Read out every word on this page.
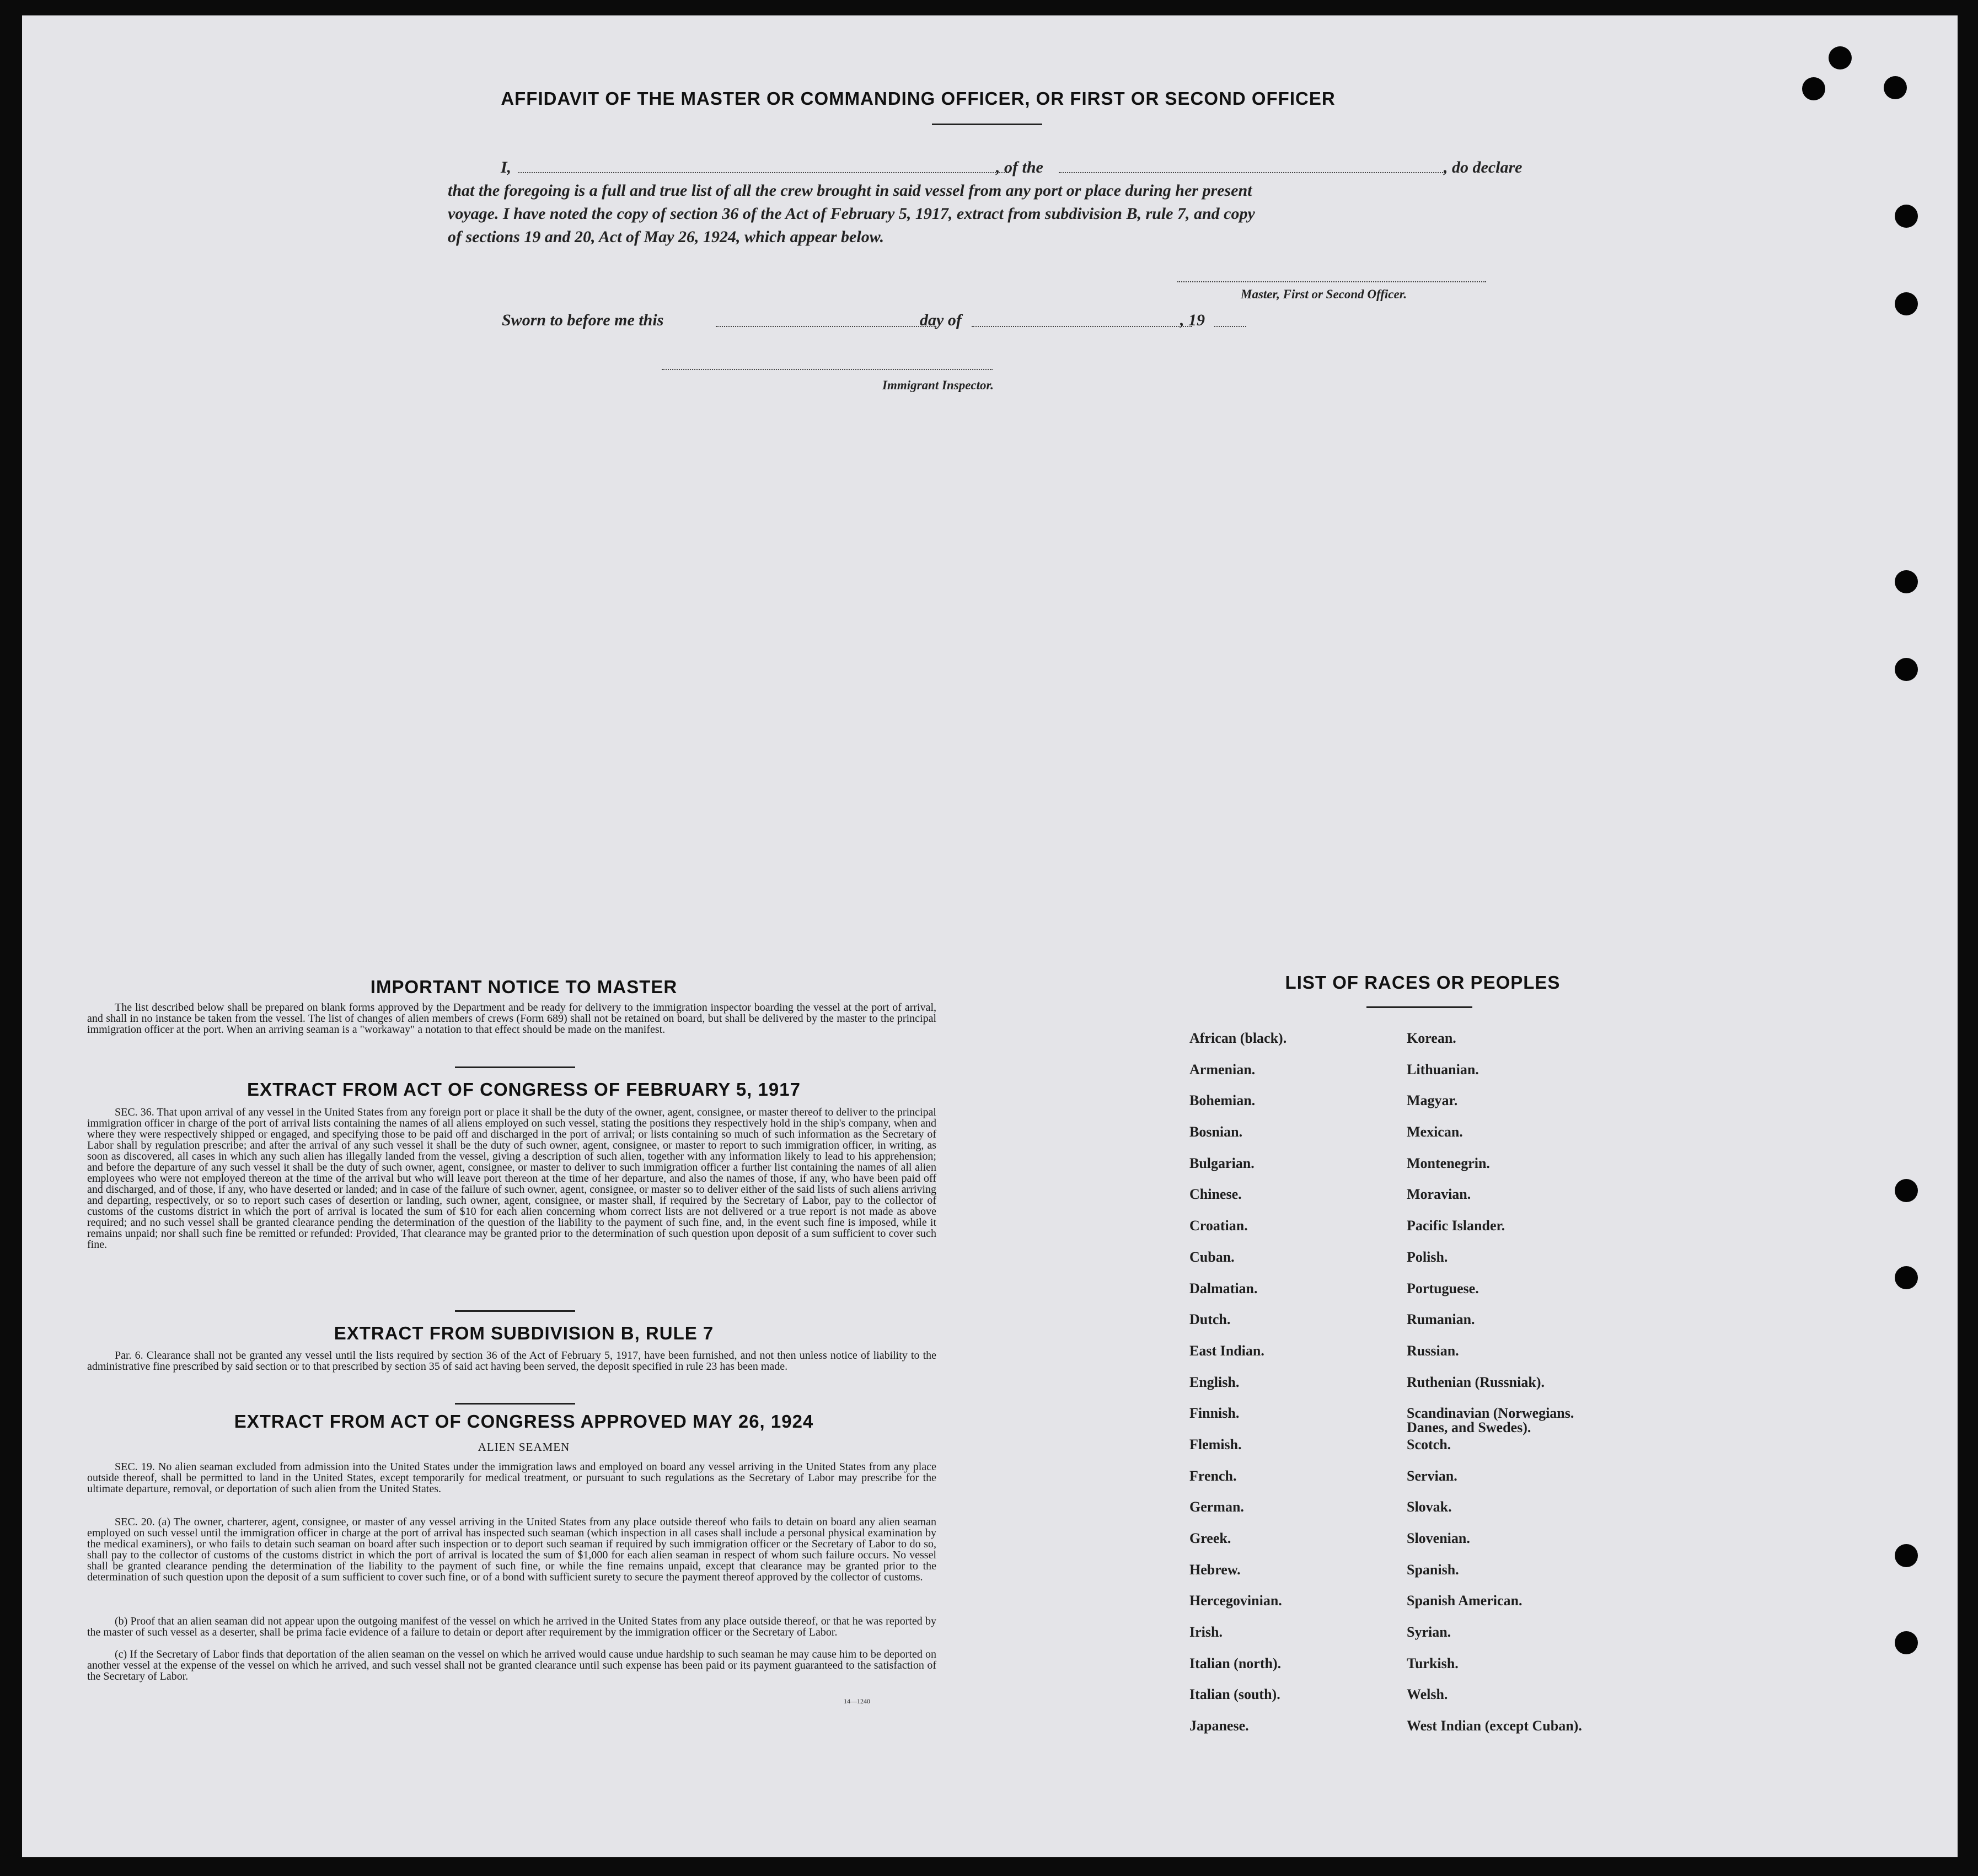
AFFIDAVIT OF THE MASTER OR COMMANDING OFFICER, OR FIRST OR SECOND OFFICER
I,	, of the	, do declare
that the foregoing is a full and true list of all the crew brought in said vessel from any port or place during her present
voyage. I have noted the copy of section 36 of the Act of February 5, 1917, extract from subdivision B, rule 7, and copy
of sections 19 and 20, Act of May 26, 1924, which appear below.
Master, First or Second Officer.
Sworn to before me this	day of	, 19
Immigrant Inspector.
IMPORTANT NOTICE TO MASTER
The list described below shall be prepared on blank forms approved by the Department and be ready for delivery to the immigration inspector boarding the vessel at the port of arrival, and shall in no instance be taken from the vessel. The list of changes of alien members of crews (Form 689) shall not be retained on board, but shall be delivered by the master to the principal immigration officer at the port. When an arriving seaman is a "workaway" a notation to that effect should be made on the manifest.
EXTRACT FROM ACT OF CONGRESS OF FEBRUARY 5, 1917
SEC. 36. That upon arrival of any vessel in the United States from any foreign port or place it shall be the duty of the owner, agent, consignee, or master thereof to deliver to the principal immigration officer in charge of the port of arrival lists containing the names of all aliens employed on such vessel, stating the positions they respectively hold in the ship's company, when and where they were respectively shipped or engaged, and specifying those to be paid off and discharged in the port of arrival; or lists containing so much of such information as the Secretary of Labor shall by regulation prescribe; and after the arrival of any such vessel it shall be the duty of such owner, agent, consignee, or master to report to such immigration officer, in writing, as soon as discovered, all cases in which any such alien has illegally landed from the vessel, giving a description of such alien, together with any information likely to lead to his apprehension; and before the departure of any such vessel it shall be the duty of such owner, agent, consignee, or master to deliver to such immigration officer a further list containing the names of all alien employees who were not employed thereon at the time of the arrival but who will leave port thereon at the time of her departure, and also the names of those, if any, who have been paid off and discharged, and of those, if any, who have deserted or landed; and in case of the failure of such owner, agent, consignee, or master so to deliver either of the said lists of such aliens arriving and departing, respectively, or so to report such cases of desertion or landing, such owner, agent, consignee, or master shall, if required by the Secretary of Labor, pay to the collector of customs of the customs district in which the port of arrival is located the sum of $10 for each alien concerning whom correct lists are not delivered or a true report is not made as above required; and no such vessel shall be granted clearance pending the determination of the question of the liability to the payment of such fine, and, in the event such fine is imposed, while it remains unpaid; nor shall such fine be remitted or refunded: Provided, That clearance may be granted prior to the determination of such question upon deposit of a sum sufficient to cover such fine.
EXTRACT FROM SUBDIVISION B, RULE 7
Par. 6. Clearance shall not be granted any vessel until the lists required by section 36 of the Act of February 5, 1917, have been furnished, and not then unless notice of liability to the administrative fine prescribed by said section or to that prescribed by section 35 of said act having been served, the deposit specified in rule 23 has been made.
EXTRACT FROM ACT OF CONGRESS APPROVED MAY 26, 1924
ALIEN SEAMEN
SEC. 19. No alien seaman excluded from admission into the United States under the immigration laws and employed on board any vessel arriving in the United States from any place outside thereof, shall be permitted to land in the United States, except temporarily for medical treatment, or pursuant to such regulations as the Secretary of Labor may prescribe for the ultimate departure, removal, or deportation of such alien from the United States.
SEC. 20. (a) The owner, charterer, agent, consignee, or master of any vessel arriving in the United States from any place outside thereof who fails to detain on board any alien seaman employed on such vessel until the immigration officer in charge at the port of arrival has inspected such seaman (which inspection in all cases shall include a personal physical examination by the medical examiners), or who fails to detain such seaman on board after such inspection or to deport such seaman if required by such immigration officer or the Secretary of Labor to do so, shall pay to the collector of customs of the customs district in which the port of arrival is located the sum of $1,000 for each alien seaman in respect of whom such failure occurs. No vessel shall be granted clearance pending the determination of the liability to the payment of such fine, or while the fine remains unpaid, except that clearance may be granted prior to the determination of such question upon the deposit of a sum sufficient to cover such fine, or of a bond with sufficient surety to secure the payment thereof approved by the collector of customs.
(b) Proof that an alien seaman did not appear upon the outgoing manifest of the vessel on which he arrived in the United States from any place outside thereof, or that he was reported by the master of such vessel as a deserter, shall be prima facie evidence of a failure to detain or deport after requirement by the immigration officer or the Secretary of Labor.
(c) If the Secretary of Labor finds that deportation of the alien seaman on the vessel on which he arrived would cause undue hardship to such seaman he may cause him to be deported on another vessel at the expense of the vessel on which he arrived, and such vessel shall not be granted clearance until such expense has been paid or its payment guaranteed to the satisfaction of the Secretary of Labor.
14—1240
LIST OF RACES OR PEOPLES
African (black).
Armenian.
Bohemian.
Bosnian.
Bulgarian.
Chinese.
Croatian.
Cuban.
Dalmatian.
Dutch.
East Indian.
English.
Finnish.
Flemish.
French.
German.
Greek.
Hebrew.
Hercegovinian.
Irish.
Italian (north).
Italian (south).
Japanese.
Korean.
Lithuanian.
Magyar.
Mexican.
Montenegrin.
Moravian.
Pacific Islander.
Polish.
Portuguese.
Rumanian.
Russian.
Ruthenian (Russniak).
Scandinavian (Norwegians.
Danes, and Swedes).
Scotch.
Servian.
Slovak.
Slovenian.
Spanish.
Spanish American.
Syrian.
Turkish.
Welsh.
West Indian (except Cuban).
